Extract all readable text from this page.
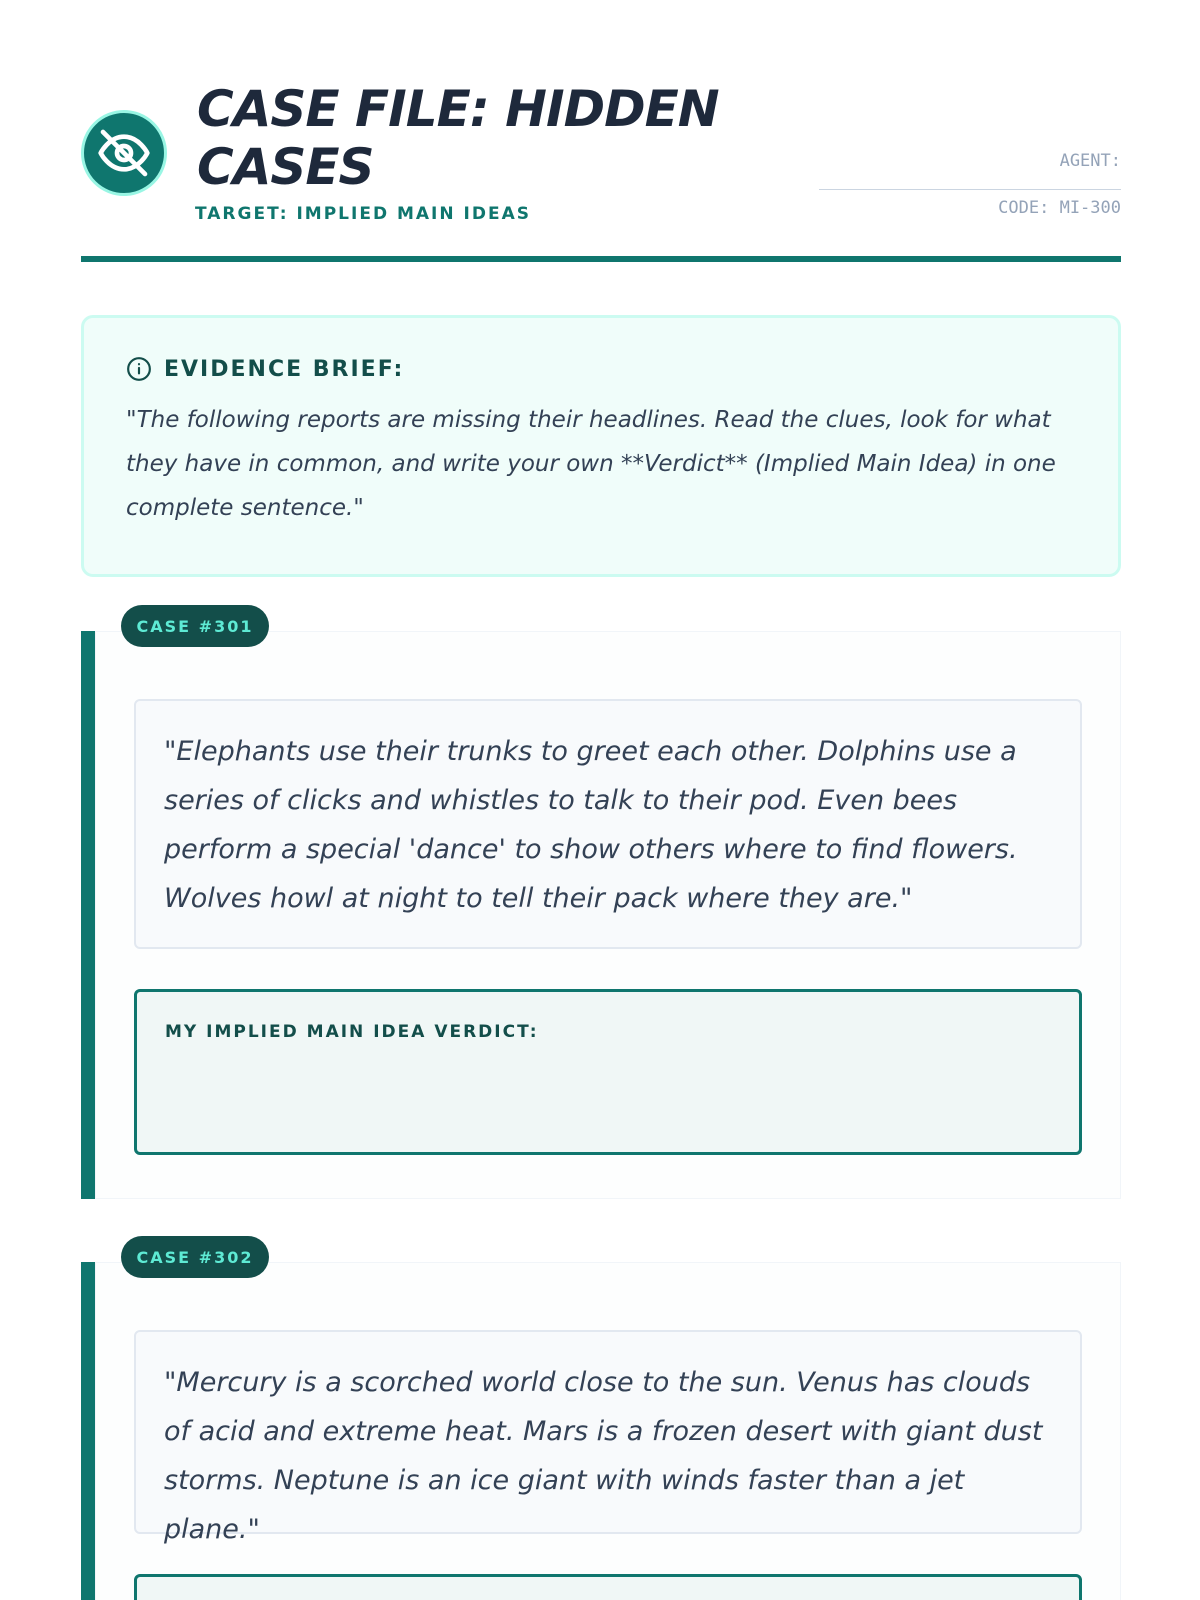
CASE FILE: HIDDEN
CASES
TARGET: IMPLIED MAIN IDEAS
AGENT:
CODE: MI-300
EVIDENCE BRIEF:
"The following reports are missing their headlines. Read the clues, look for what they have in common, and write your own **Verdict** (Implied Main Idea) in one complete sentence."
CASE #301
"Elephants use their trunks to greet each other. Dolphins use a series of clicks and whistles to talk to their pod. Even bees perform a special 'dance' to show others where to find flowers. Wolves howl at night to tell their pack where they are."
MY IMPLIED MAIN IDEA VERDICT:
CASE #302
"Mercury is a scorched world close to the sun. Venus has clouds of acid and extreme heat. Mars is a frozen desert with giant dust storms. Neptune is an ice giant with winds faster than a jet plane."
